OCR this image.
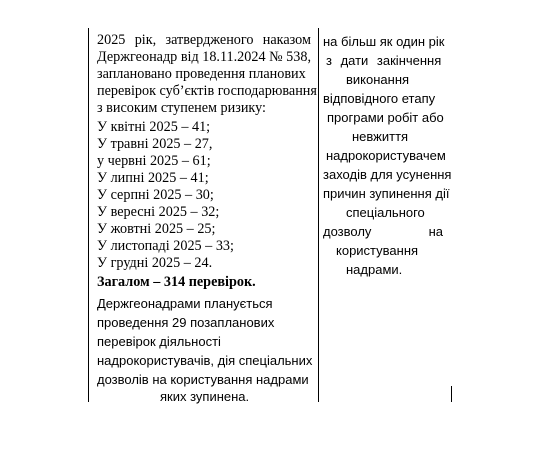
2025 рік, затвердженого наказом
Держгеонадр від 18.11.2024 № 538,
заплановано проведення планових
перевірок суб’єктів господарювання
з високим ступенем ризику:
У квітні 2025 – 41;
У травні 2025 – 27,
у червні 2025 – 61;
У липні 2025 – 41;
У серпні 2025 – 30;
У вересні 2025 – 32;
У жовтні 2025 – 25;
У листопаді 2025 – 33;
У грудні 2025 – 24.
Загалом – 314 перевірок.
Держгеонадрами планується
проведення 29 позапланових
перевірок діяльності
надрокористувачів, дія спеціальних
дозволів на користування надрами
яких зупинена.
на більш як один рік
з дати закінчення
виконання
відповідного етапу
програми робіт або
невжиття
надрокористувачем
заходів для усунення
причин зупинення дії
спеціального
дозволу	на
користування
надрами.
